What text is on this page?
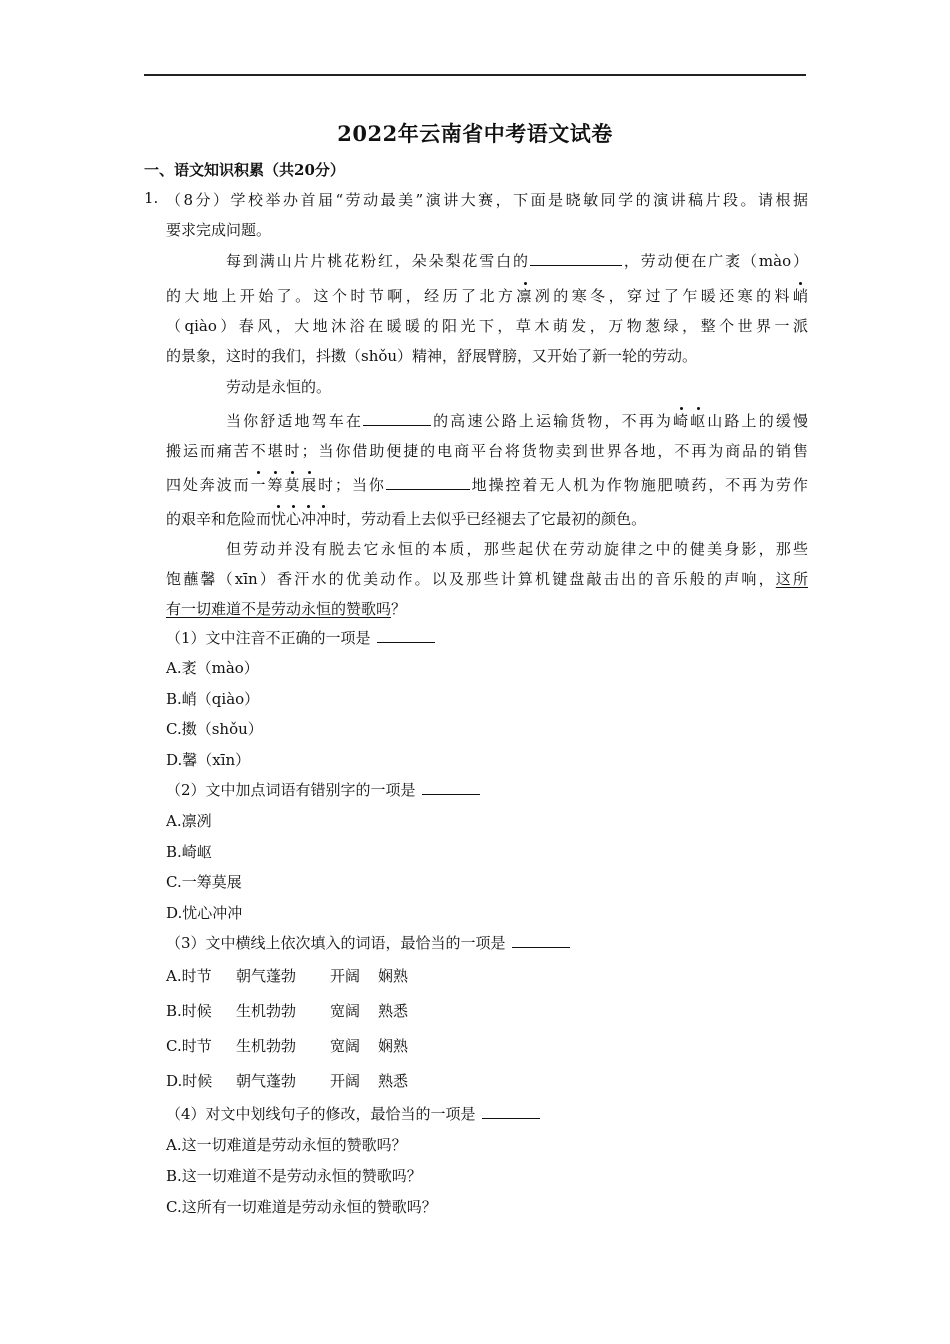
2022年云南省中考语文试卷
一、语文知识积累（共20分）
1. （8分）学校举办首届“劳动最美”演讲大赛，下面是晓敏同学的演讲稿片段。请根据
要求完成问题。
每到满山片片桃花粉红，朵朵梨花雪白的	，劳动便在广袤（mào）
的大地上开始了。这个时节啊，经历了北方凛冽的寒冬，穿过了乍暖还寒的料峭
（qiào）春风，大地沐浴在暖暖的阳光下，草木萌发，万物葱绿，整个世界一派
的景象，这时的我们，抖擞（shǒu）精神，舒展臂膀，又开始了新一轮的劳动。
劳动是永恒的。
当你舒适地驾车在	的高速公路上运输货物，不再为崎岖山路上的缓慢
搬运而痛苦不堪时；当你借助便捷的电商平台将货物卖到世界各地，不再为商品的销售
四处奔波而一筹莫展时；当你	地操控着无人机为作物施肥喷药，不再为劳作
的艰辛和危险而忧心冲冲时，劳动看上去似乎已经褪去了它最初的颜色。
但劳动并没有脱去它永恒的本质，那些起伏在劳动旋律之中的健美身影，那些
饱蘸馨（xīn）香汗水的优美动作。以及那些计算机键盘敲击出的音乐般的声响，这所
有一切难道不是劳动永恒的赞歌吗？
（1）文中注音不正确的一项是
A.袤（mào）
B.峭（qiào）
C.擞（shǒu）
D.馨（xīn）
（2）文中加点词语有错别字的一项是
A.凛冽
B.崎岖
C.一筹莫展
D.忧心冲冲
（3）文中横线上依次填入的词语，最恰当的一项是
A.时节 朝气蓬勃 开阔 娴熟
B.时候 生机勃勃 宽阔 熟悉
C.时节 生机勃勃 宽阔 娴熟
D.时候 朝气蓬勃 开阔 熟悉
（4）对文中划线句子的修改，最恰当的一项是
A.这一切难道是劳动永恒的赞歌吗？
B.这一切难道不是劳动永恒的赞歌吗？
C.这所有一切难道是劳动永恒的赞歌吗？
